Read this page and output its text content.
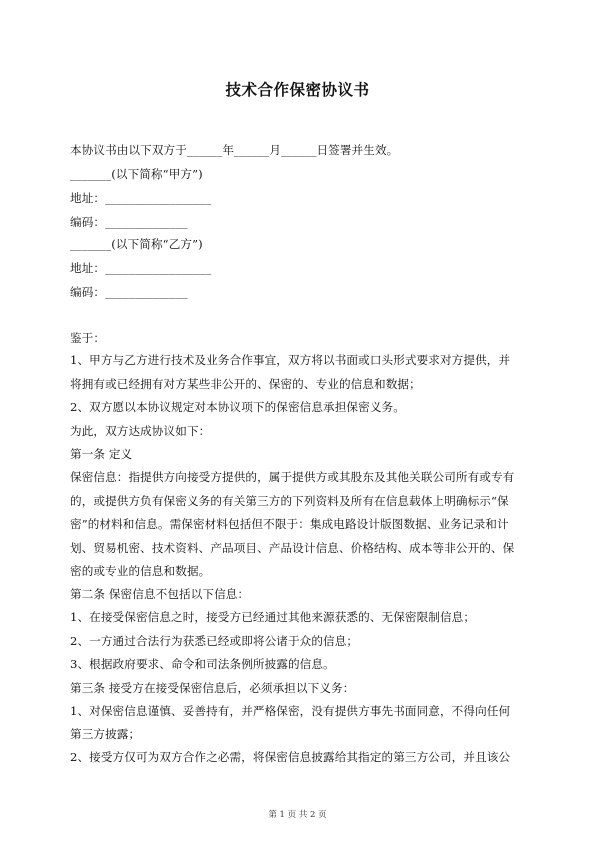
技术合作保密协议书
本协议书由以下双方于______年______月______日签署并生效。
_______(以下简称“甲方”)
地址：__________________
编码：______________
_______(以下简称“乙方”)
地址：__________________
编码：______________
鉴于：
1、甲方与乙方进行技术及业务合作事宜，双方将以书面或口头形式要求对方提供，并
将拥有或已经拥有对方某些非公开的、保密的、专业的信息和数据；
2、双方愿以本协议规定对本协议项下的保密信息承担保密义务。
为此，双方达成协议如下：
第一条 定义
保密信息：指提供方向接受方提供的，属于提供方或其股东及其他关联公司所有或专有
的，或提供方负有保密义务的有关第三方的下列资料及所有在信息载体上明确标示“保
密”的材料和信息。需保密材料包括但不限于：集成电路设计版图数据、业务记录和计
划、贸易机密、技术资料、产品项目、产品设计信息、价格结构、成本等非公开的、保
密的或专业的信息和数据。
第二条 保密信息不包括以下信息：
1、在接受保密信息之时，接受方已经通过其他来源获悉的、无保密限制信息；
2、一方通过合法行为获悉已经或即将公诸于众的信息；
3、根据政府要求、命令和司法条例所披露的信息。
第三条 接受方在接受保密信息后，必须承担以下义务：
1、对保密信息谨慎、妥善持有，并严格保密，没有提供方事先书面同意，不得向任何
第三方披露；
2、接受方仅可为双方合作之必需，将保密信息披露给其指定的第三方公司，并且该公
第 1 页 共 2 页
